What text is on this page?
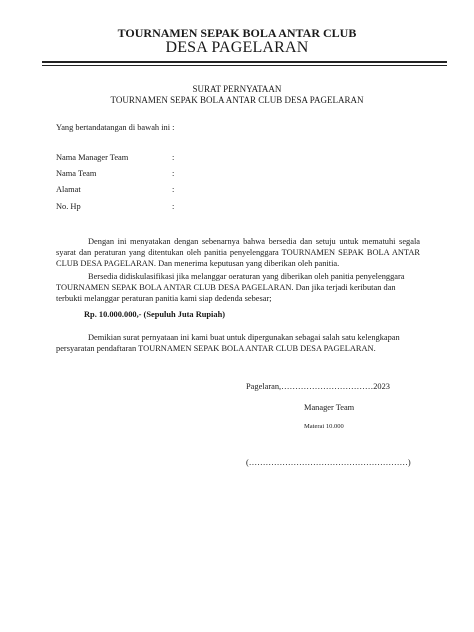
TOURNAMEN SEPAK BOLA ANTAR CLUB
DESA PAGELARAN
SURAT PERNYATAAN
TOURNAMEN SEPAK BOLA ANTAR CLUB DESA PAGELARAN
Yang bertandatangan di bawah ini :
Nama Manager Team	:
Nama Team	:
Alamat	:
No. Hp	:
Dengan ini menyatakan dengan sebenarnya bahwa bersedia dan setuju untuk mematuhi segala syarat dan peraturan yang ditentukan oleh panitia penyelenggara TOURNAMEN SEPAK BOLA ANTAR CLUB DESA PAGELARAN. Dan menerima keputusan yang diberikan oleh panitia.
Bersedia didiskulasifikasi jika melanggar oeraturan yang diberikan oleh panitia penyelenggara TOURNAMEN SEPAK BOLA ANTAR CLUB DESA PAGELARAN. Dan jika terjadi keributan dan terbukti melanggar peraturan panitia kami siap dedenda sebesar;
Rp. 10.000.000,- (Sepuluh Juta Rupiah)
Demikian surat pernyataan ini kami buat untuk dipergunakan sebagai salah satu kelengkapan persyaratan pendaftaran TOURNAMEN SEPAK BOLA ANTAR CLUB DESA PAGELARAN.
Pagelaran,……………………………2023
Manager Team
Materai 10.000
(…………………………………………………)
